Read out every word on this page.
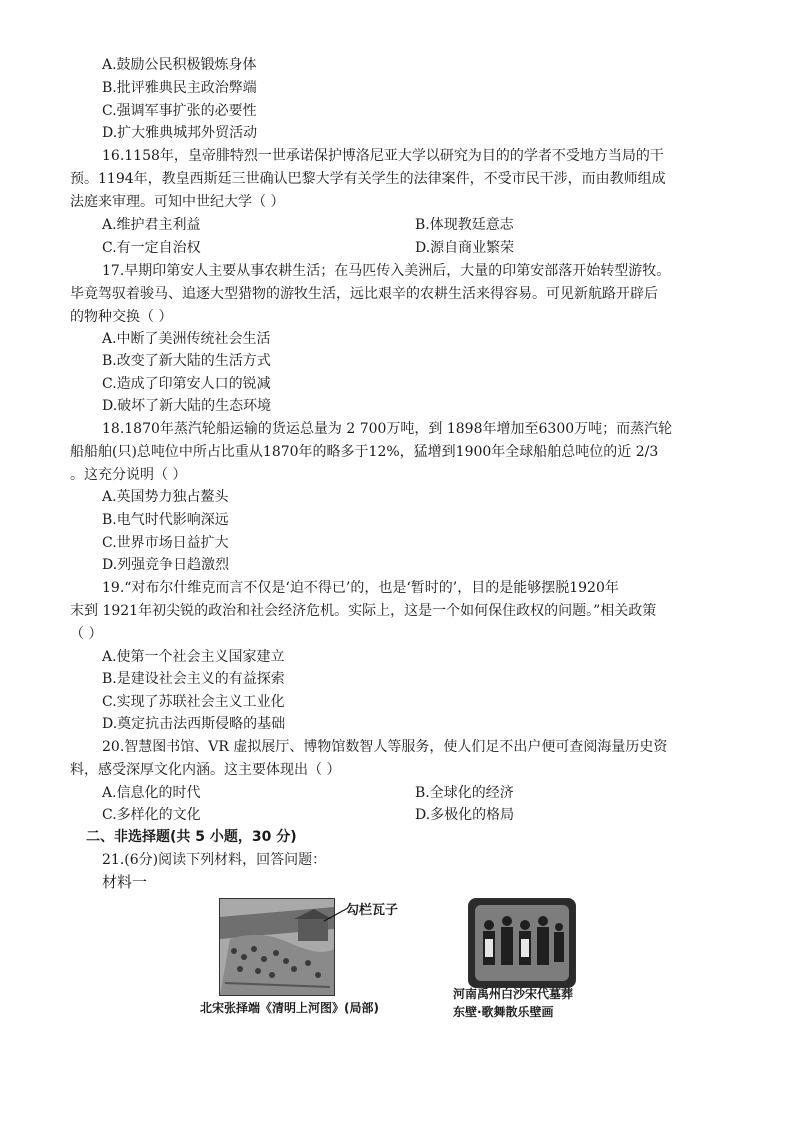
A.鼓励公民积极锻炼身体
B.批评雅典民主政治弊端
C.强调军事扩张的必要性
D.扩大雅典城邦外贸活动
16.1158年，皇帝腓特烈一世承诺保护博洛尼亚大学以研究为目的的学者不受地方当局的干
预。1194年，教皇西斯廷三世确认巴黎大学有关学生的法律案件，不受市民干涉，而由教师组成
法庭来审理。可知中世纪大学（ ）
A.维护君主利益	B.体现教廷意志
C.有一定自治权	D.源自商业繁荣
17.早期印第安人主要从事农耕生活；在马匹传入美洲后，大量的印第安部落开始转型游牧。
毕竟驾驭着骏马、追逐大型猎物的游牧生活，远比艰辛的农耕生活来得容易。可见新航路开辟后
的物种交换（ ）
A.中断了美洲传统社会生活
B.改变了新大陆的生活方式
C.造成了印第安人口的锐减
D.破坏了新大陆的生态环境
18.1870年蒸汽轮船运输的货运总量为 2 700万吨，到 1898年增加至6300万吨；而蒸汽轮
船船舶(只)总吨位中所占比重从1870年的略多于12%，猛增到1900年全球船舶总吨位的近 2/3
。这充分说明（ ）
A.英国势力独占鳌头
B.电气时代影响深远
C.世界市场日益扩大
D.列强竞争日趋激烈
19.“对布尔什维克而言不仅是‘迫不得已’的，也是‘暂时的’，目的是能够摆脱1920年
末到 1921年初尖锐的政治和社会经济危机。实际上，这是一个如何保住政权的问题。”相关政策
（ ）
A.使第一个社会主义国家建立
B.是建设社会主义的有益探索
C.实现了苏联社会主义工业化
D.奠定抗击法西斯侵略的基础
20.智慧图书馆、VR 虚拟展厅、博物馆数智人等服务，使人们足不出户便可查阅海量历史资
料，感受深厚文化内涵。这主要体现出（ ）
A.信息化的时代	B.全球化的经济
C.多样化的文化	D.多极化的格局
二、非选择题(共 5 小题，30 分)
21.(6分)阅读下列材料，回答问题：
材料一
勾栏瓦子
北宋张择端《清明上河图》(局部)
河南禹州白沙宋代墓葬
东壁·歌舞散乐壁画
